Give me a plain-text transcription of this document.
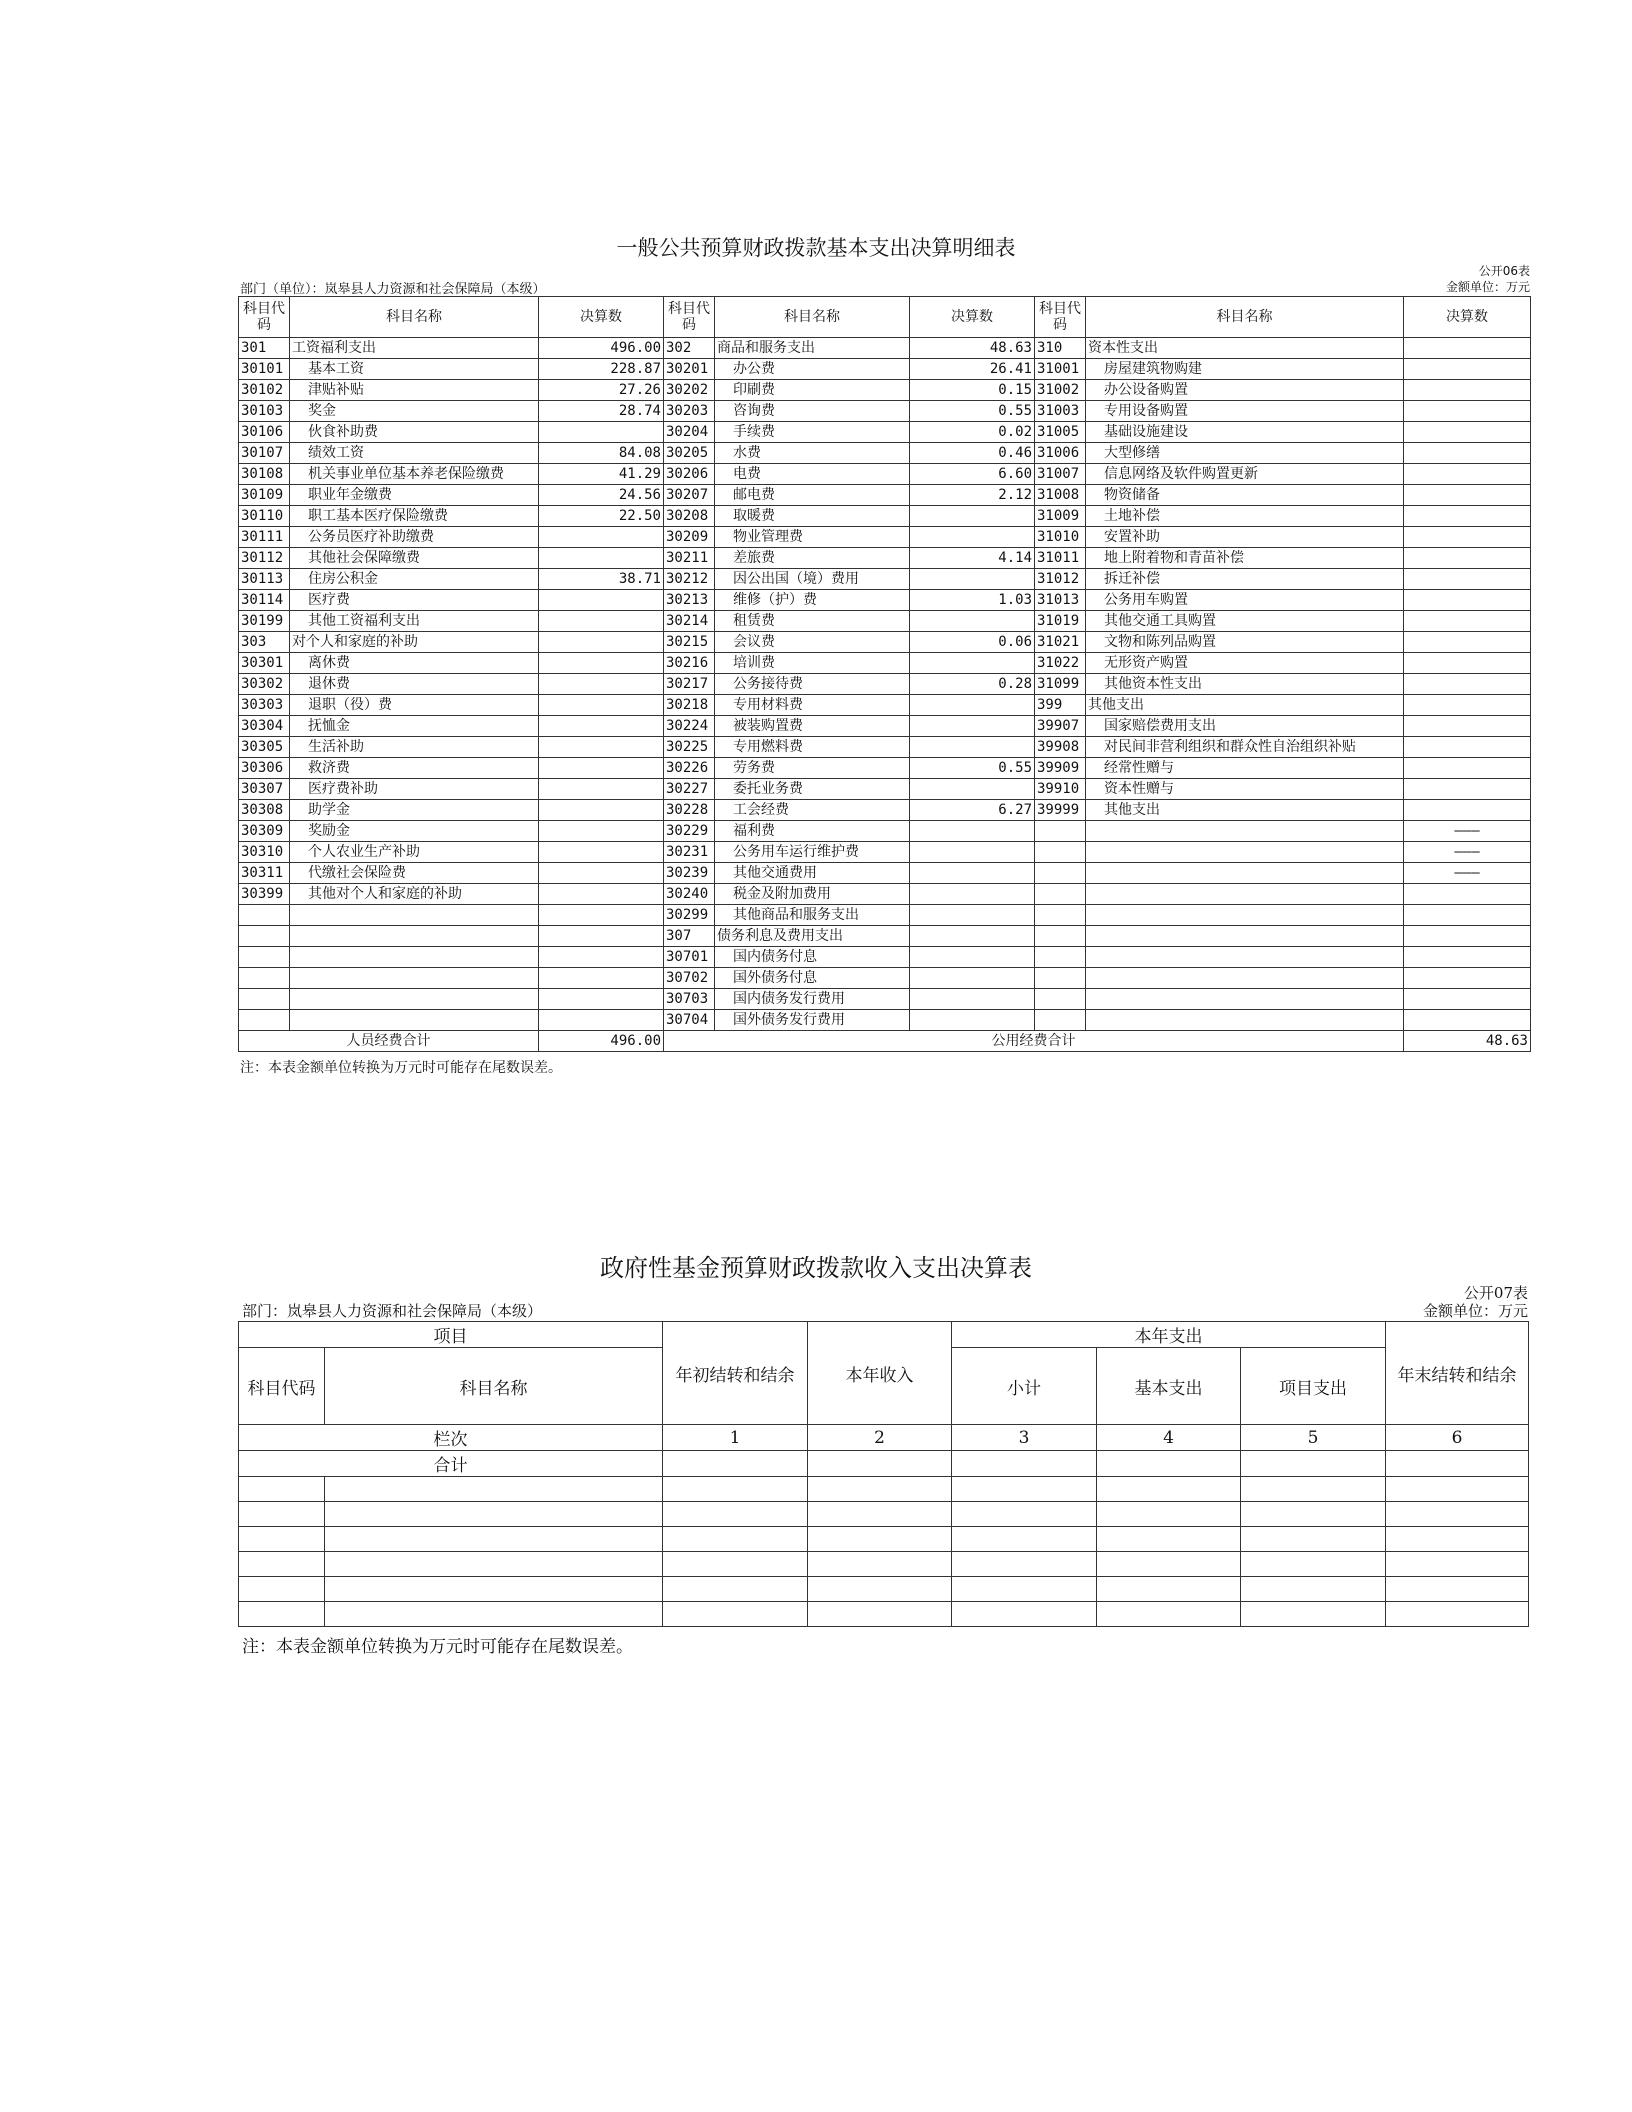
一般公共预算财政拨款基本支出决算明细表
公开06表
部门（单位）：岚皋县人力资源和社会保障局（本级）	金额单位：万元
科目代码	科目名称	决算数	科目代码	科目名称	决算数	科目代码	科目名称	决算数
301	工资福利支出	496.00	302	商品和服务支出	48.63	310	资本性支出	
30101	基本工资	228.87	30201	办公费	26.41	31001	房屋建筑物购建	
30102	津贴补贴	27.26	30202	印刷费	0.15	31002	办公设备购置	
30103	奖金	28.74	30203	咨询费	0.55	31003	专用设备购置	
30106	伙食补助费		30204	手续费	0.02	31005	基础设施建设	
30107	绩效工资	84.08	30205	水费	0.46	31006	大型修缮	
30108	机关事业单位基本养老保险缴费	41.29	30206	电费	6.60	31007	信息网络及软件购置更新	
30109	职业年金缴费	24.56	30207	邮电费	2.12	31008	物资储备	
30110	职工基本医疗保险缴费	22.50	30208	取暖费		31009	土地补偿	
30111	公务员医疗补助缴费		30209	物业管理费		31010	安置补助	
30112	其他社会保障缴费		30211	差旅费	4.14	31011	地上附着物和青苗补偿	
30113	住房公积金	38.71	30212	因公出国（境）费用		31012	拆迁补偿	
30114	医疗费		30213	维修（护）费	1.03	31013	公务用车购置	
30199	其他工资福利支出		30214	租赁费		31019	其他交通工具购置	
303	对个人和家庭的补助		30215	会议费	0.06	31021	文物和陈列品购置	
30301	离休费		30216	培训费		31022	无形资产购置	
30302	退休费		30217	公务接待费	0.28	31099	其他资本性支出	
30303	退职（役）费		30218	专用材料费		399	其他支出	
30304	抚恤金		30224	被装购置费		39907	国家赔偿费用支出	
30305	生活补助		30225	专用燃料费		39908	对民间非营利组织和群众性自治组织补贴	
30306	救济费		30226	劳务费	0.55	39909	经常性赠与	
30307	医疗费补助		30227	委托业务费		39910	资本性赠与	
30308	助学金		30228	工会经费	6.27	39999	其他支出	
30309	奖励金		30229	福利费				———
30310	个人农业生产补助		30231	公务用车运行维护费				———
30311	代缴社会保险费		30239	其他交通费用				———
30399	其他对个人和家庭的补助		30240	税金及附加费用				
			30299	其他商品和服务支出				
			307	债务利息及费用支出				
			30701	国内债务付息				
			30702	国外债务付息				
			30703	国内债务发行费用				
			30704	国外债务发行费用				
人员经费合计		496.00	公用经费合计					48.63
注：本表金额单位转换为万元时可能存在尾数误差。
政府性基金预算财政拨款收入支出决算表
公开07表
部门：岚皋县人力资源和社会保障局（本级）	金额单位：万元
项目		年初结转和结余	本年收入	本年支出			年末结转和结余
科目代码	科目名称			小计	基本支出	项目支出	
栏次		1	2	3	4	5	6
合计							

注：本表金额单位转换为万元时可能存在尾数误差。
